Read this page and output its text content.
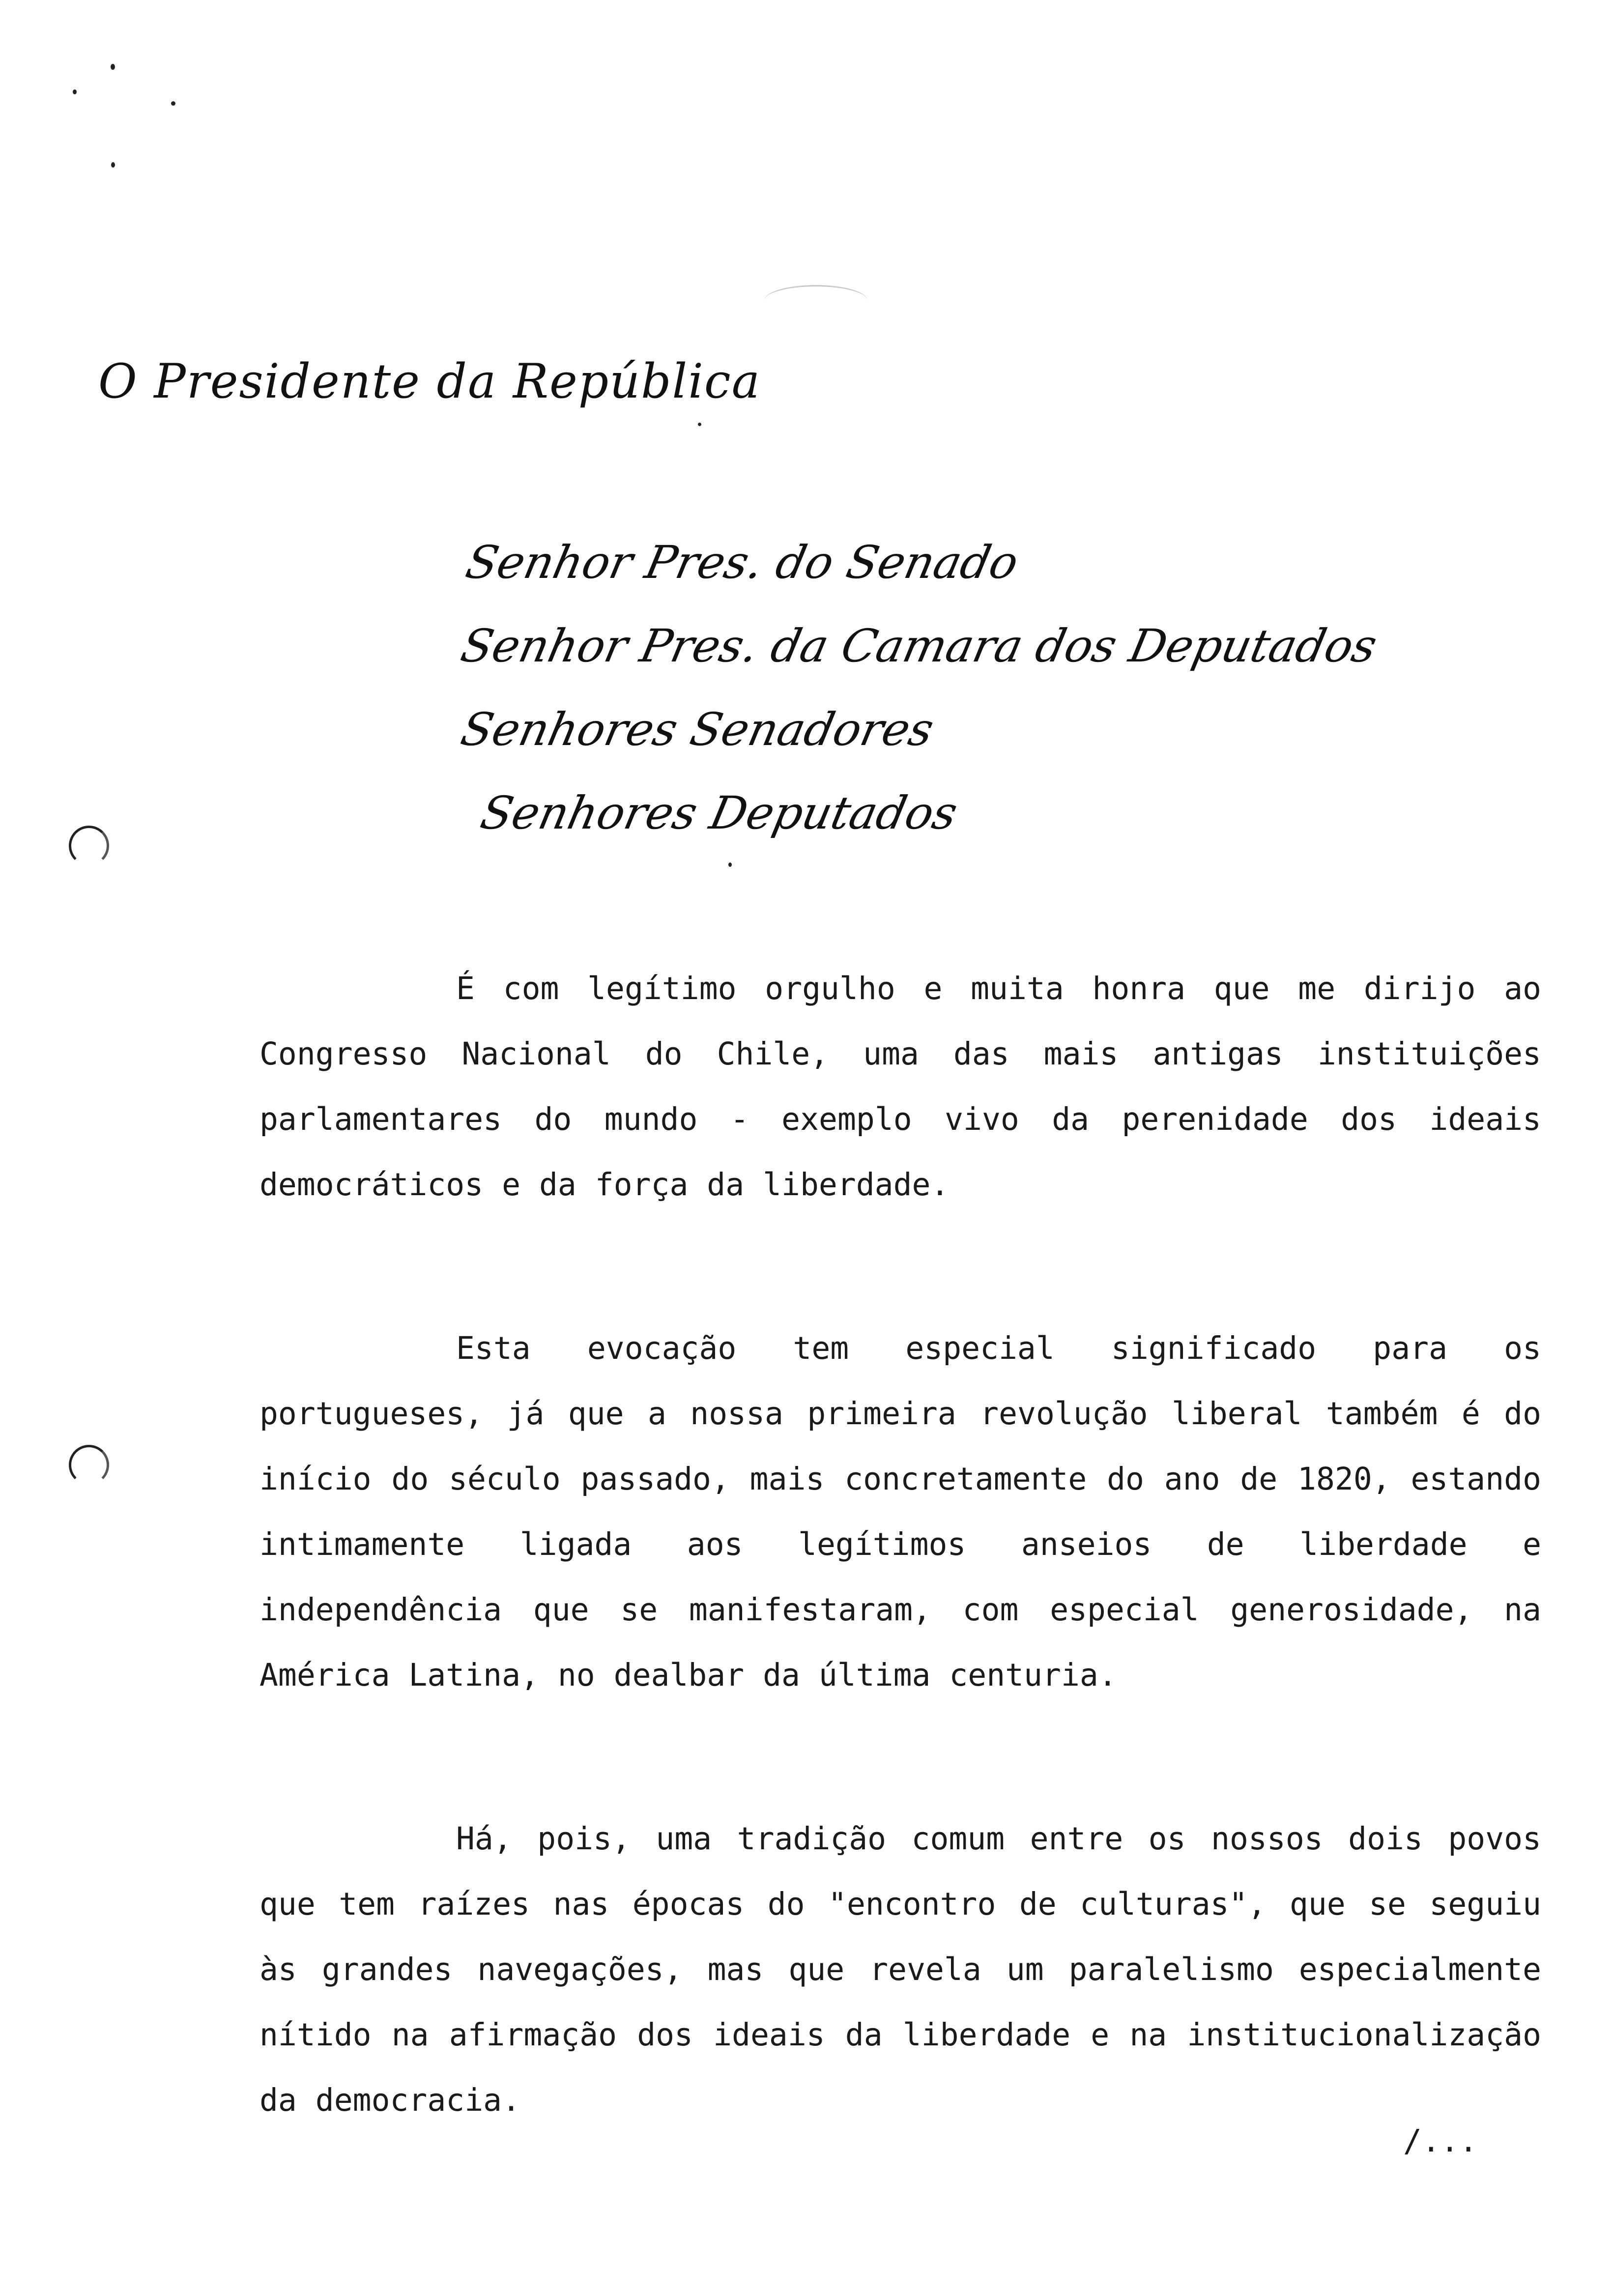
O Presidente da República
Senhor Pres. do Senado
Senhor Pres. da Camara dos Deputados
Senhores Senadores
Senhores Deputados

É com legítimo orgulho e muita honra que me dirijo ao Congresso Nacional do Chile, uma das mais antigas instituições parlamentares do mundo - exemplo vivo da perenidade dos ideais democráticos e da força da liberdade.

Esta evocação tem especial significado para os portugueses, já que a nossa primeira revolução liberal também é do início do século passado, mais concretamente do ano de 1820, estando intimamente ligada aos legítimos anseios de liberdade e independência que se manifestaram, com especial generosidade, na América Latina, no dealbar da última centuria.

Há, pois, uma tradição comum entre os nossos dois povos que tem raízes nas épocas do "encontro de culturas", que se seguiu às grandes navegações, mas que revela um paralelismo especialmente nítido na afirmação dos ideais da liberdade e na institucionalização da democracia.

/...
